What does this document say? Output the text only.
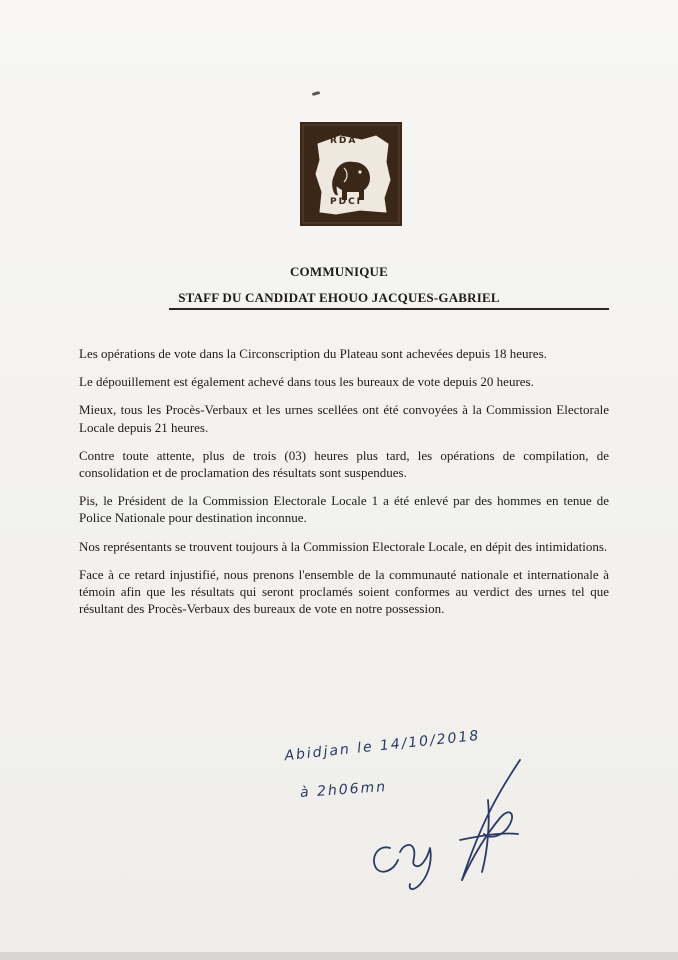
RDA
PDCI
COMMUNIQUE
STAFF DU CANDIDAT EHOUO JACQUES-GABRIEL

Les opérations de vote dans la Circonscription du Plateau sont achevées depuis 18 heures.

Le dépouillement est également achevé dans tous les bureaux de vote depuis 20 heures.

Mieux, tous les Procès-Verbaux et les urnes scellées ont été convoyées à la Commission Electorale Locale depuis 21 heures.

Contre toute attente, plus de trois (03) heures plus tard, les opérations de compilation, de consolidation et de proclamation des résultats sont suspendues.

Pis, le Président de la Commission Electorale Locale 1 a été enlevé par des hommes en tenue de Police Nationale pour destination inconnue.

Nos représentants se trouvent toujours à la Commission Electorale Locale, en dépit des intimidations.

Face à ce retard injustifié, nous prenons l'ensemble de la communauté nationale et internationale à témoin afin que les résultats qui seront proclamés soient conformes au verdict des urnes tel que résultant des Procès-Verbaux des bureaux de vote en notre possession.

Abidjan le 14/10/2018
à 2h06mn
